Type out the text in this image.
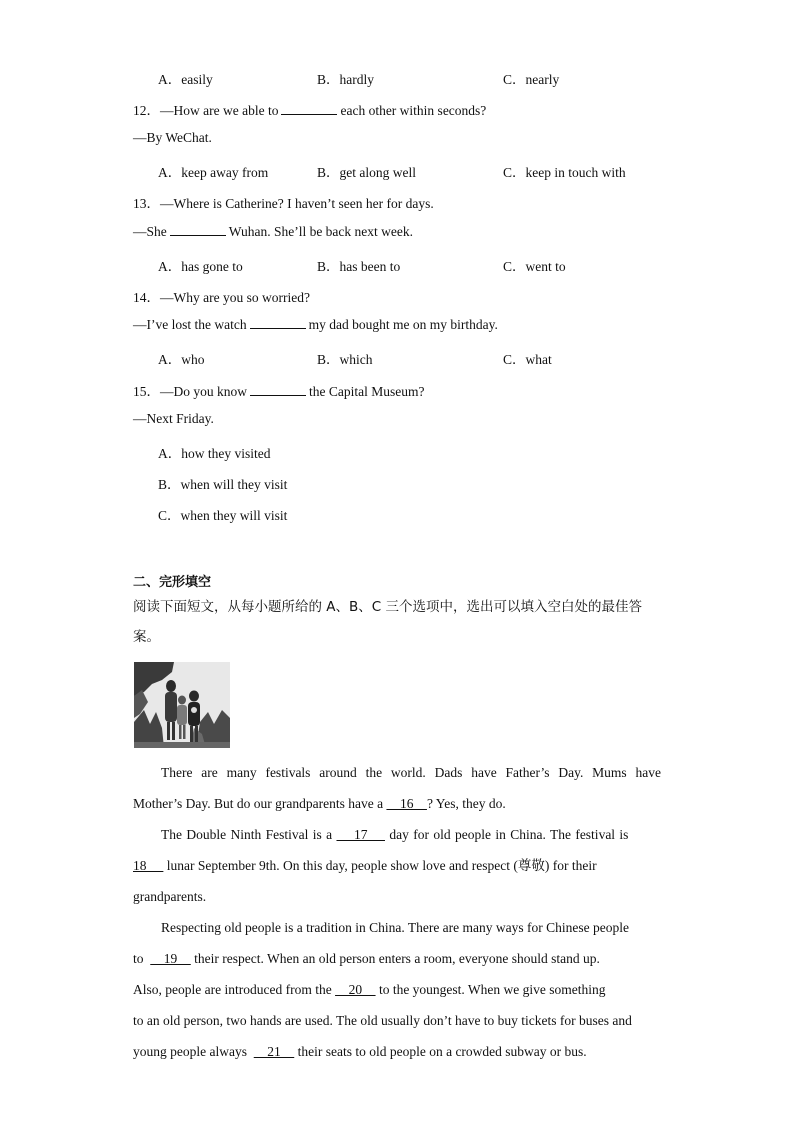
A．easily	B．hardly	C．nearly
12．—How are we able to	each other within seconds?
—By WeChat.
A．keep away from	B．get along well	C．keep in touch with
13．—Where is Catherine? I haven’t seen her for days.
—She	Wuhan. She’ll be back next week.
A．has gone to	B．has been to	C．went to
14．—Why are you so worried?
—I’ve lost the watch	my dad bought me on my birthday.
A．who	B．which	C．what
15．—Do you know	the Capital Museum?
—Next Friday.
A．how they visited
B．when will they visit
C．when they will visit
二、完形填空
阅读下面短文，从每小题所给的 A、B、C 三个选项中，选出可以填入空白处的最佳答
案。
There are many festivals around the world. Dads have Father’s Day. Mums have
Mother’s Day. But do our grandparents have a     16    ? Yes, they do.
The Double Ninth Festival is a     17     day for old people in China. The festival is
18      lunar September 9th. On this day, people show love and respect (尊敬) for their
grandparents.
Respecting old people is a tradition in China. There are many ways for Chinese people
to      19     their respect. When an old person enters a room, everyone should stand up.
Also, people are introduced from the     20     to the youngest. When we give something
to an old person, two hands are used. The old usually don’t have to buy tickets for buses and
young people always      21     their seats to old people on a crowded subway or bus.
